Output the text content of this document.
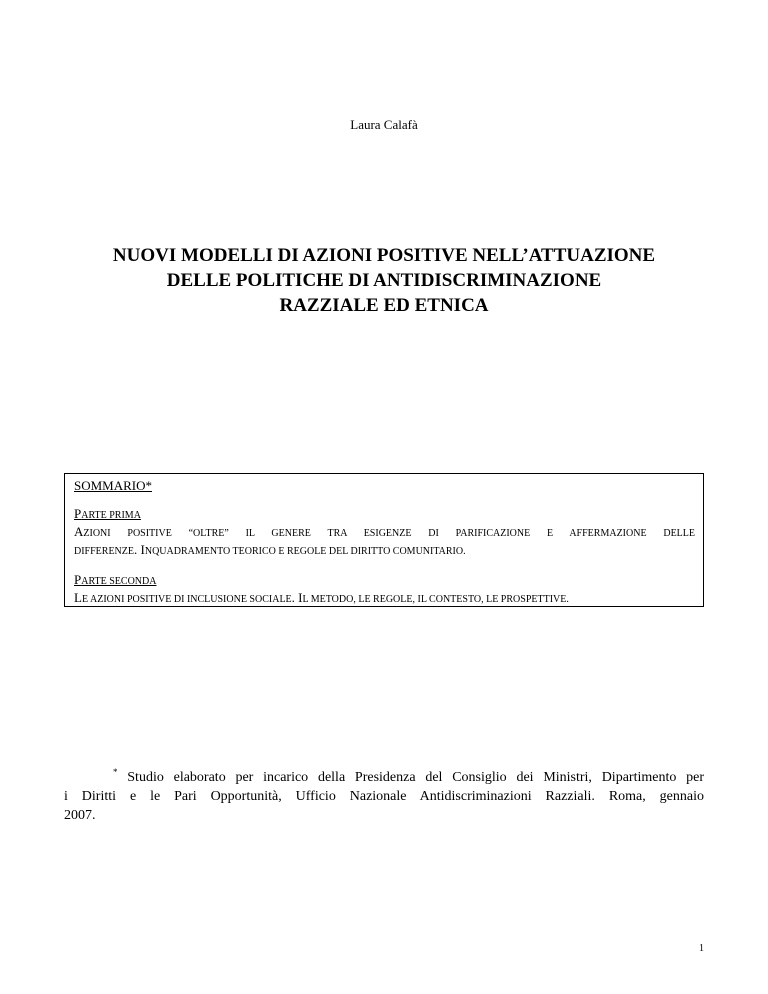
Laura Calafà
NUOVI MODELLI DI AZIONI POSITIVE NELL’ATTUAZIONE
DELLE POLITICHE DI ANTIDISCRIMINAZIONE
RAZZIALE ED ETNICA
SOMMARIO*
PARTE PRIMA
AZIONI POSITIVE “OLTRE” IL GENERE TRA ESIGENZE DI PARIFICAZIONE E AFFERMAZIONE DELLE
DIFFERENZE. INQUADRAMENTO TEORICO E REGOLE DEL DIRITTO COMUNITARIO.
PARTE SECONDA
LE AZIONI POSITIVE DI INCLUSIONE SOCIALE. IL METODO, LE REGOLE, IL CONTESTO, LE PROSPETTIVE.
* Studio elaborato per incarico della Presidenza del Consiglio dei Ministri, Dipartimento per
i Diritti e le Pari Opportunità, Ufficio Nazionale Antidiscriminazioni Razziali. Roma, gennaio
2007.
1
